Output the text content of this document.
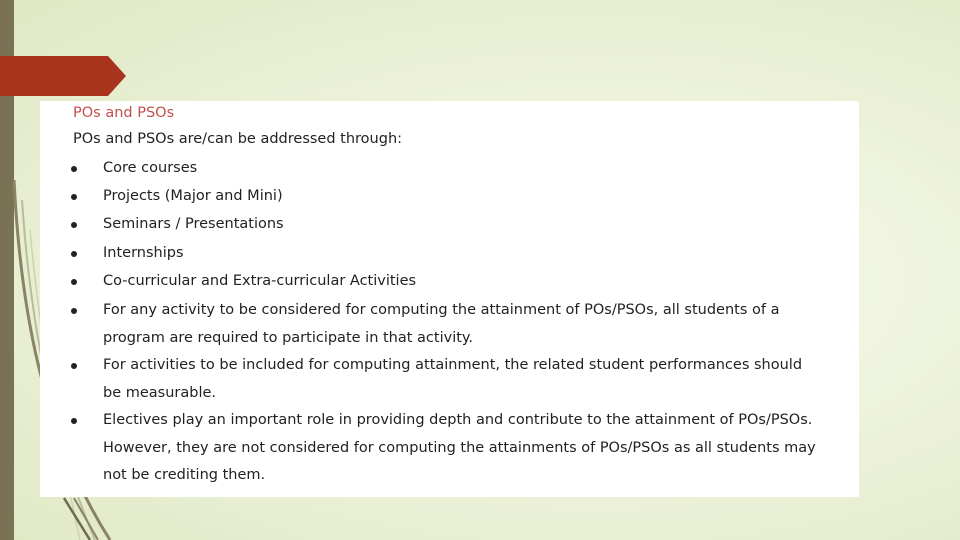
POs and PSOs
POs and PSOs are/can be addressed through:
Core courses
Projects (Major and Mini)
Seminars / Presentations
Internships
Co-curricular and Extra-curricular Activities
For any activity to be considered for computing the attainment of POs/PSOs, all students of a program are required to participate in that activity.
For activities to be included for computing attainment, the related student performances should be measurable.
Electives play an important role in providing depth and contribute to the attainment of POs/PSOs. However, they are not considered for computing the attainments of POs/PSOs as all students may not be crediting them.
